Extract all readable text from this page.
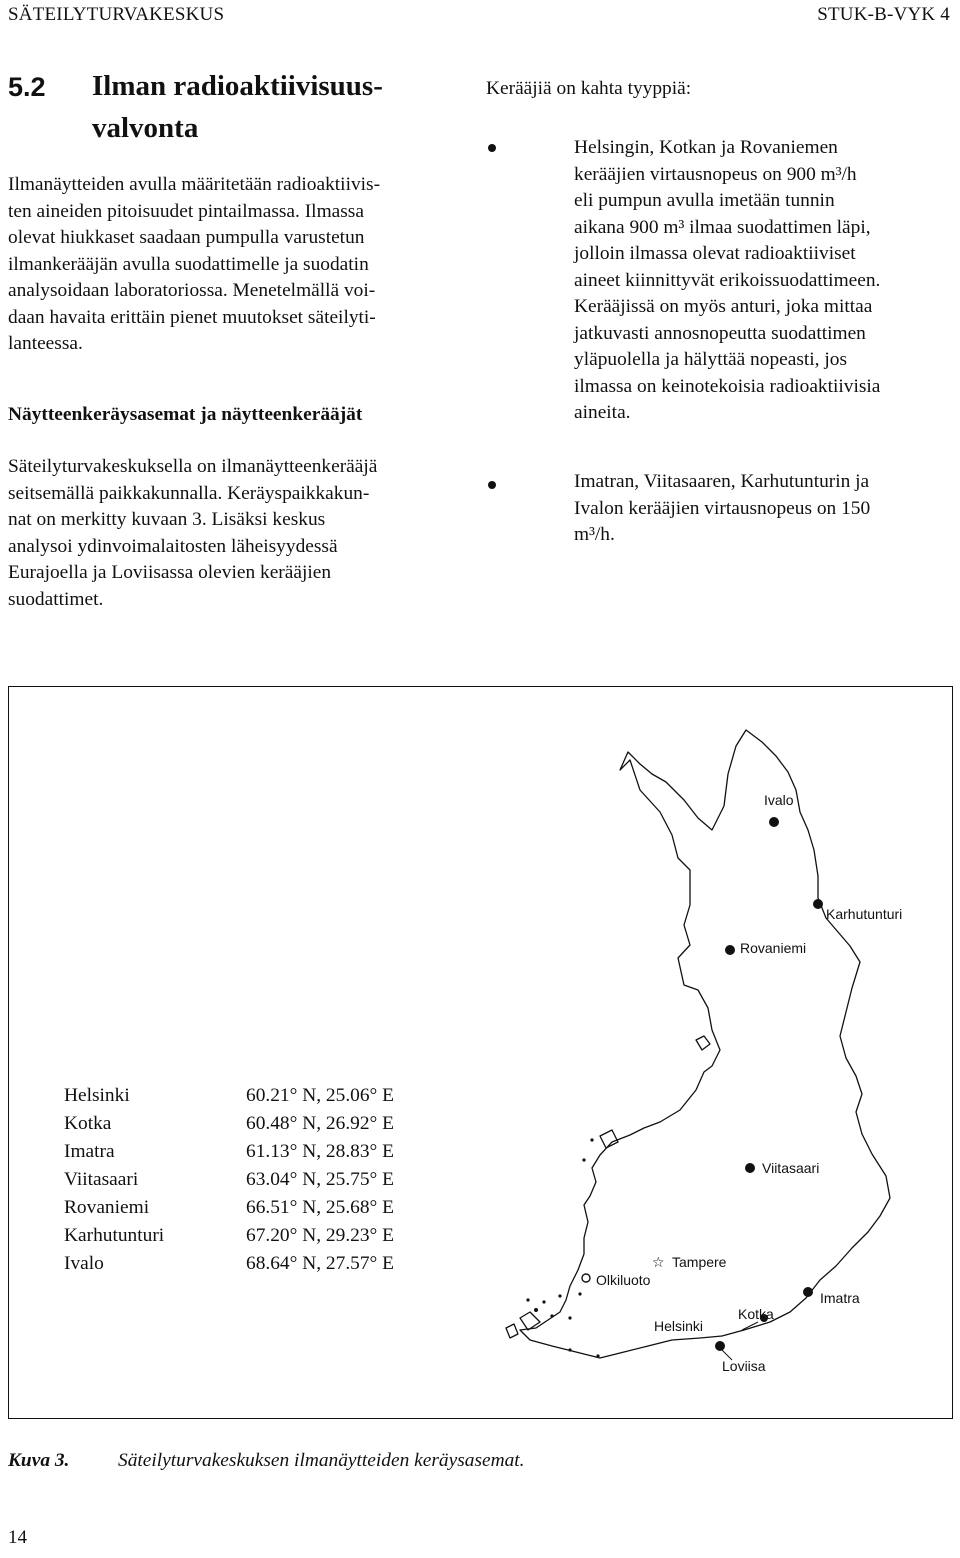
SÄTEILYTURVAKESKUS	STUK-B-VYK 4
5.2 Ilman radioaktiivisuus-
valvonta
Ilmanäytteiden avulla määritetään radioaktiivis-
ten aineiden pitoisuudet pintailmassa. Ilmassa
olevat hiukkaset saadaan pumpulla varustetun
ilmankerääjän avulla suodattimelle ja suodatin
analysoidaan laboratoriossa. Menetelmällä voi-
daan havaita erittäin pienet muutokset säteilyti-
lanteessa.
Näytteenkeräysasemat ja näytteenkerääjät
Säteilyturvakeskuksella on ilmanäytteenkerääjä
seitsemällä paikkakunnalla. Keräyspaikkakun-
nat on merkitty kuvaan 3. Lisäksi keskus
analysoi ydinvoimalaitosten läheisyydessä
Eurajoella ja Loviisassa olevien kerääjien
suodattimet.
Kerääjiä on kahta tyyppiä:
Helsingin, Kotkan ja Rovaniemen
kerääjien virtausnopeus on 900 m³/h
eli pumpun avulla imetään tunnin
aikana 900 m³ ilmaa suodattimen läpi,
jolloin ilmassa olevat radioaktiiviset
aineet kiinnittyvät erikoissuodattimeen.
Kerääjissä on myös anturi, joka mittaa
jatkuvasti annosnopeutta suodattimen
yläpuolella ja hälyttää nopeasti, jos
ilmassa on keinotekoisia radioaktiivisia
aineita.
Imatran, Viitasaaren, Karhutunturin ja
Ivalon kerääjien virtausnopeus on 150
m³/h.
Helsinki	60.21° N, 25.06° E
Kotka	60.48° N, 26.92° E
Imatra	61.13° N, 28.83° E
Viitasaari	63.04° N, 25.75° E
Rovaniemi	66.51° N, 25.68° E
Karhutunturi	67.20° N, 29.23° E
Ivalo	68.64° N, 27.57° E	☆
Ivalo
Karhutunturi
Rovaniemi
Viitasaari
Tampere
Olkiluoto
Imatra
Kotka
Helsinki
Loviisa
Kuva 3.	Säteilyturvakeskuksen ilmanäytteiden keräysasemat.
14
